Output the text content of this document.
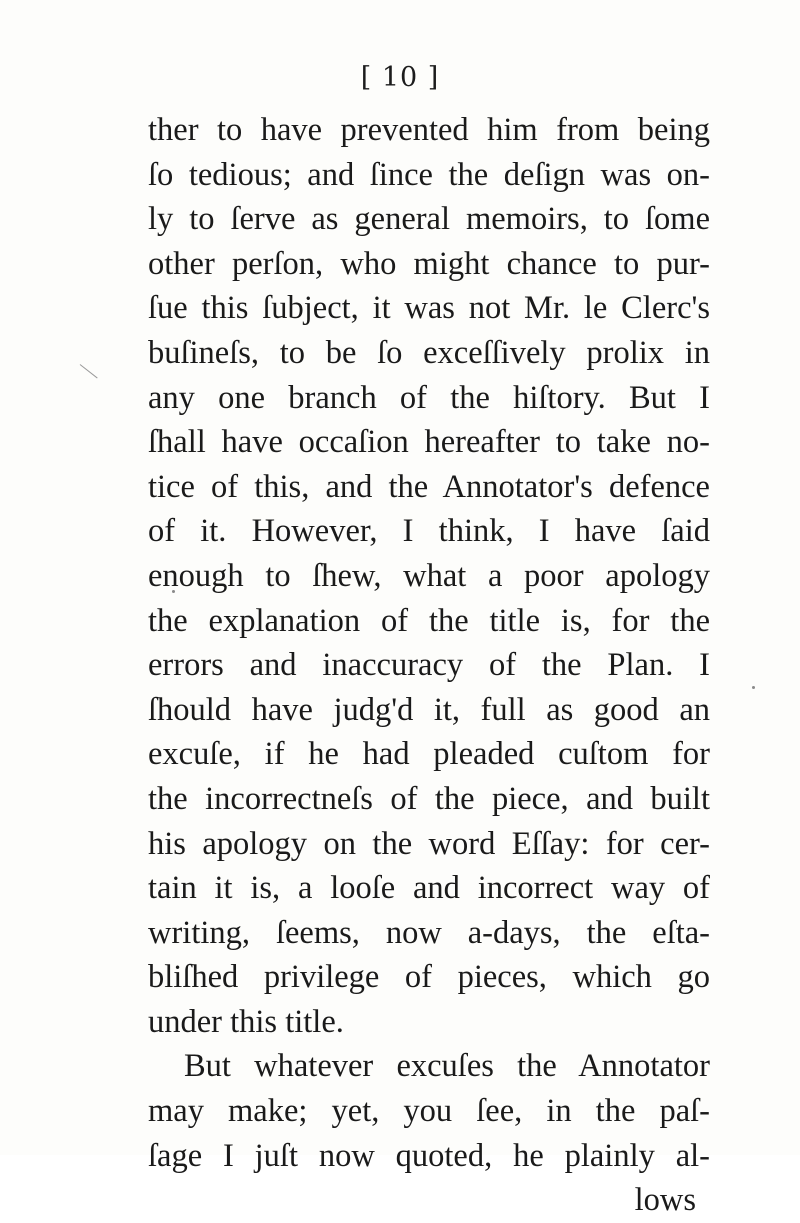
[ 10 ]
ther to have prevented him from being
ſo tedious; and ſince the deſign was on-
ly to ſerve as general memoirs, to ſome
other perſon, who might chance to pur-
ſue this ſubject, it was not Mr. le Clerc's
buſineſs, to be ſo exceſſively prolix in
any one branch of the hiſtory. But I
ſhall have occaſion hereafter to take no-
tice of this, and the Annotator's defence
of it. However, I think, I have ſaid
enough to ſhew, what a poor apology
the explanation of the title is, for the
errors and inaccuracy of the Plan. I
ſhould have judg'd it, full as good an
excuſe, if he had pleaded cuſtom for
the incorrectneſs of the piece, and built
his apology on the word Eſſay: for cer-
tain it is, a looſe and incorrect way of
writing, ſeems, now a-days, the eſta-
bliſhed privilege of pieces, which go
under this title.
But whatever excuſes the Annotator
may make; yet, you ſee, in the paſ-
ſage I juſt now quoted, he plainly al-
lows
